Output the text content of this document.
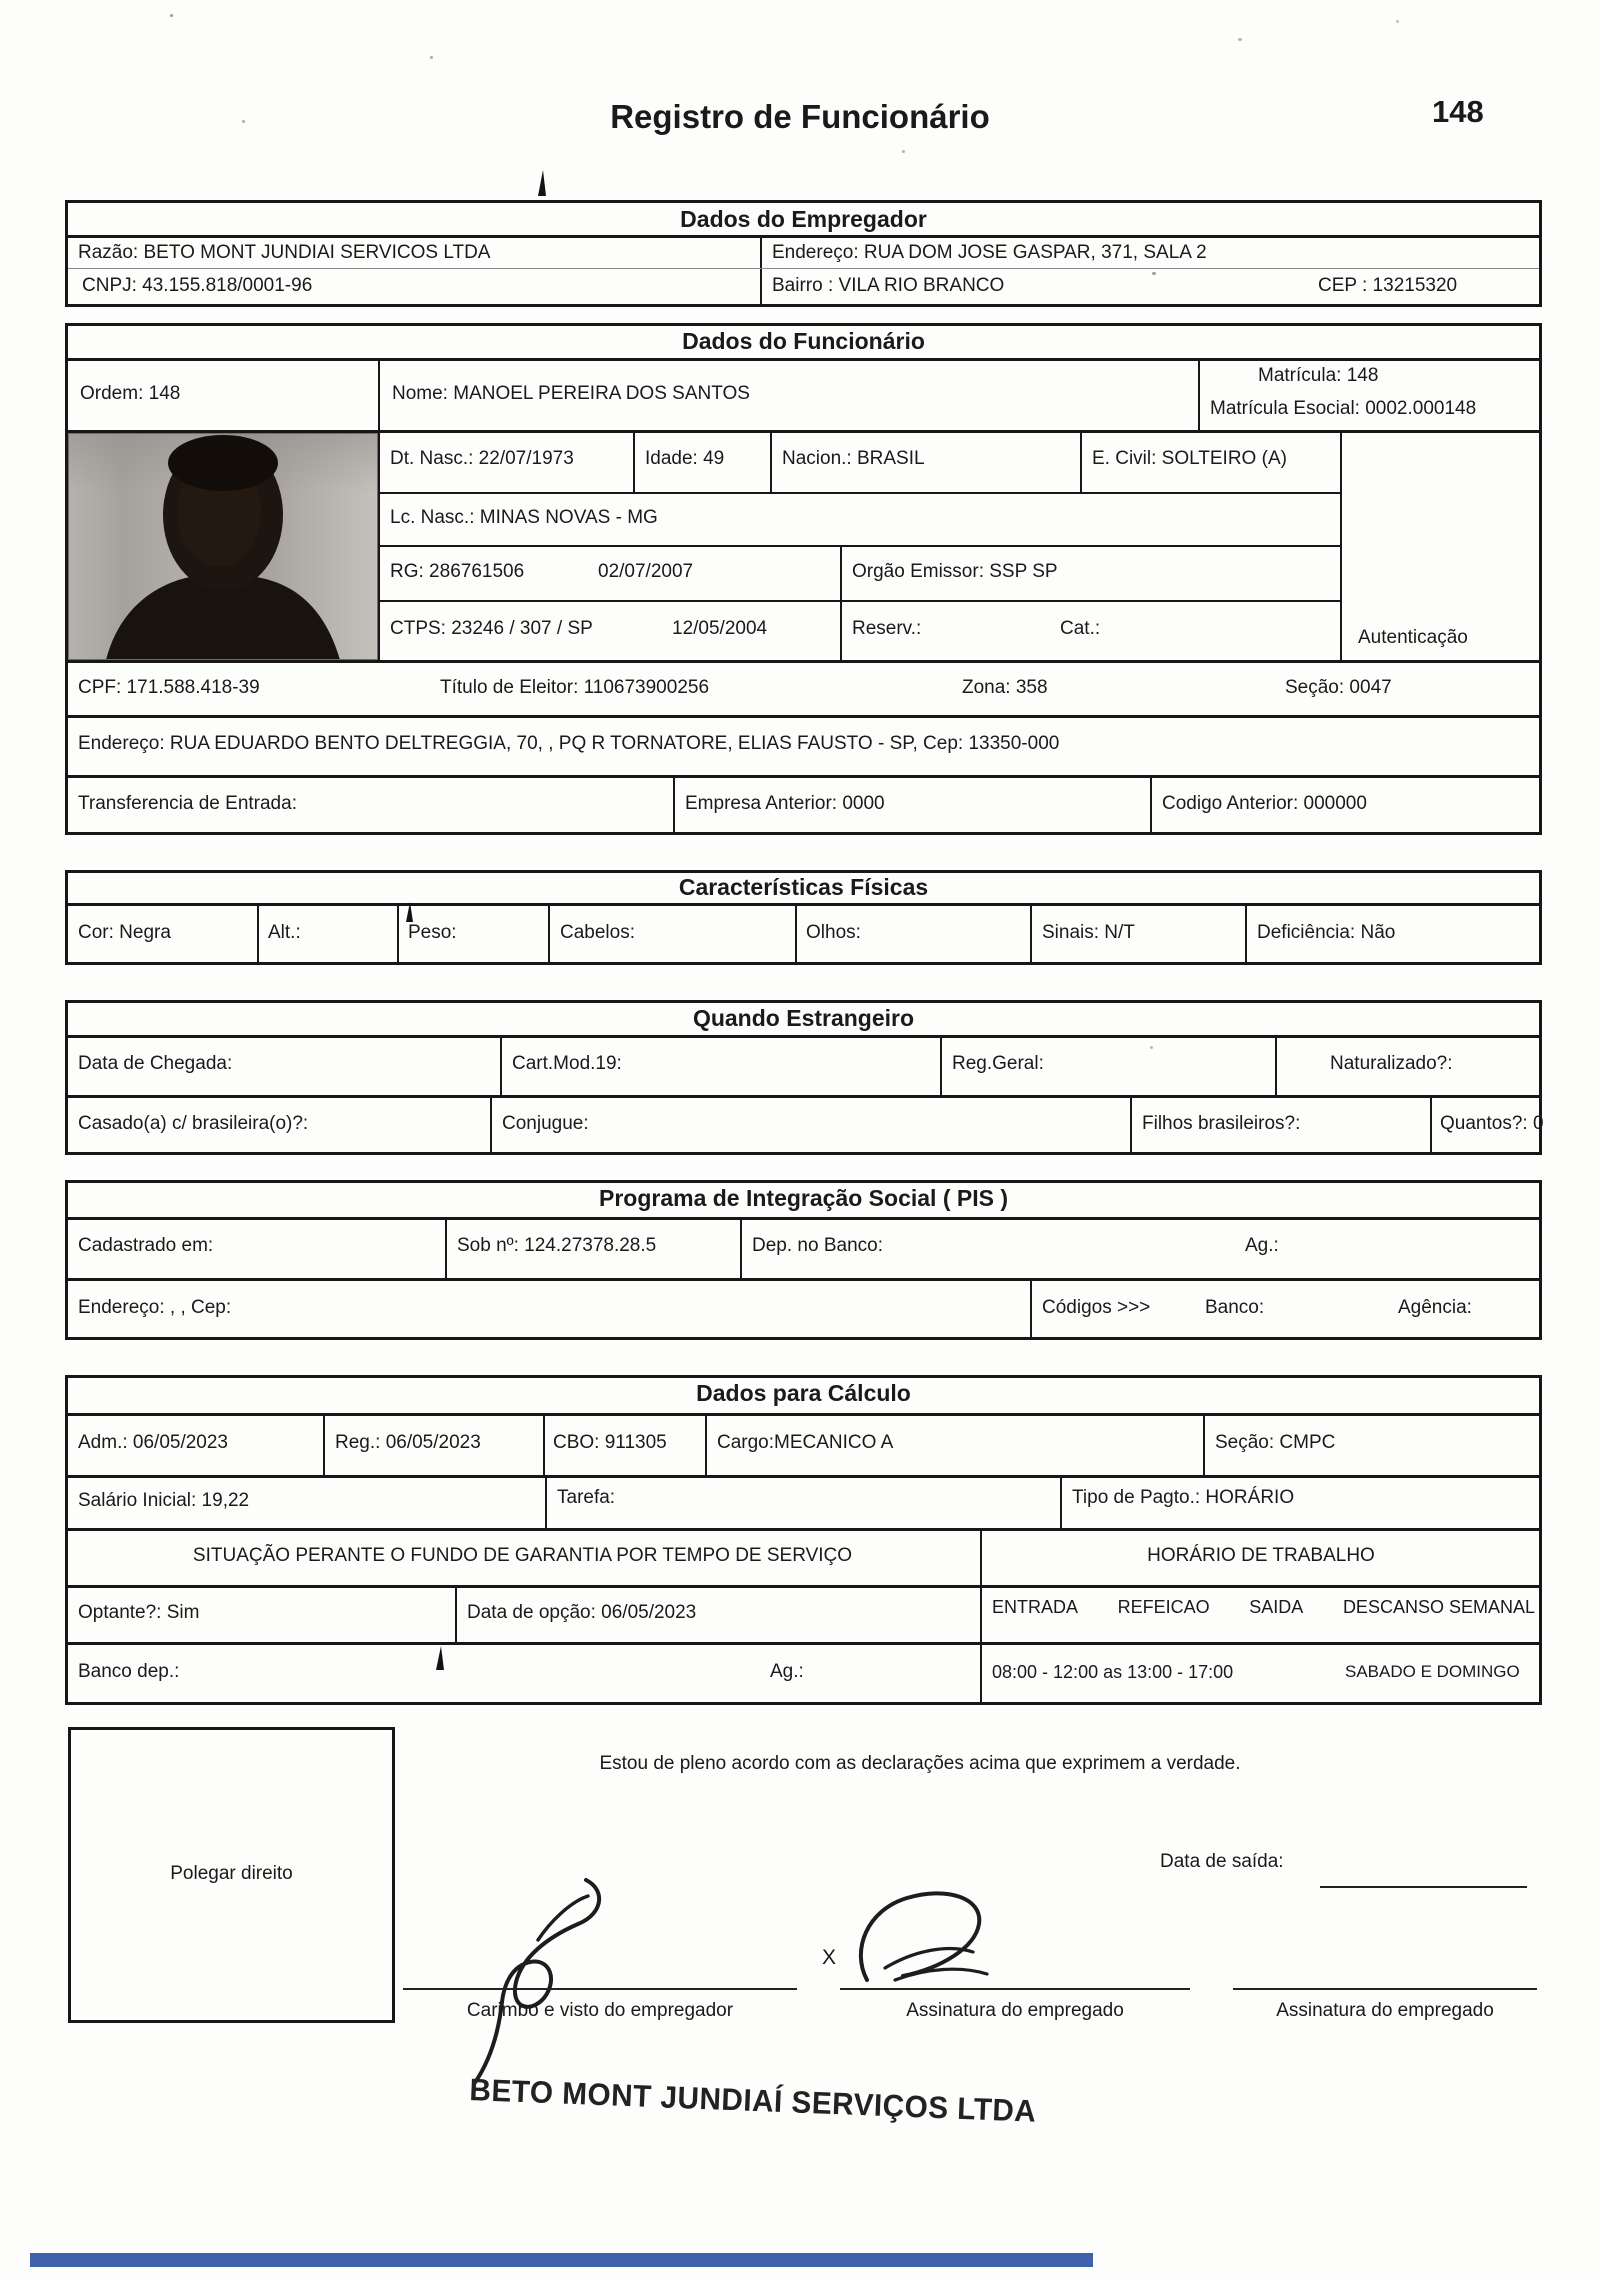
Registro de Funcionário	148
Dados do Empregador
Razão: BETO MONT JUNDIAI SERVICOS LTDA
CNPJ: 43.155.818/0001-96
Endereço: RUA DOM JOSE GASPAR, 371, SALA 2
Bairro : VILA RIO BRANCO	CEP : 13215320
Dados do Funcionário
Ordem: 148	Nome: MANOEL PEREIRA DOS SANTOS
Matrícula: 148
Matrícula Esocial: 0002.000148
Dt. Nasc.: 22/07/1973	Idade: 49	Nacion.: BRASIL	E. Civil: SOLTEIRO (A)
Lc. Nasc.: MINAS NOVAS - MG
RG: 286761506	02/07/2007	Orgão Emissor: SSP SP
CTPS: 23246 / 307 / SP	12/05/2004	Reserv.:	Cat.:	Autenticação
CPF: 171.588.418-39	Título de Eleitor: 110673900256	Zona: 358	Seção: 0047
Endereço: RUA EDUARDO BENTO DELTREGGIA, 70, , PQ R TORNATORE, ELIAS FAUSTO - SP, Cep: 13350-000
Transferencia de Entrada:	Empresa Anterior: 0000	Codigo Anterior: 000000
Características Físicas
Cor: Negra	Alt.:	Peso:	Cabelos:	Olhos:	Sinais: N/T	Deficiência: Não
Quando Estrangeiro
Data de Chegada:	Cart.Mod.19:	Reg.Geral:	Naturalizado?:
Casado(a) c/ brasileira(o)?:	Conjugue:	Filhos brasileiros?:	Quantos?: 0
Programa de Integração Social ( PIS )
Cadastrado em:	Sob nº: 124.27378.28.5	Dep. no Banco:	Ag.:
Endereço: , , Cep:	Códigos >>>	Banco:	Agência:
Dados para Cálculo
Adm.: 06/05/2023	Reg.: 06/05/2023	CBO: 911305	Cargo:MECANICO A	Seção: CMPC
Salário Inicial: 19,22	Tarefa:	Tipo de Pagto.: HORÁRIO
SITUAÇÃO PERANTE O FUNDO DE GARANTIA POR TEMPO DE SERVIÇO	HORÁRIO DE TRABALHO
Optante?: Sim	Data de opção: 06/05/2023	ENTRADA REFEICAO SAIDA DESCANSO SEMANAL
Banco dep.:	Ag.:	08:00 - 12:00 as 13:00 - 17:00	SABADO E DOMINGO
Polegar direito
Estou de pleno acordo com as declarações acima que exprimem a verdade.
Data de saída:
X
Carimbo e visto do empregador	Assinatura do empregado	Assinatura do empregado
BETO MONT JUNDIAÍ SERVIÇOS LTDA
